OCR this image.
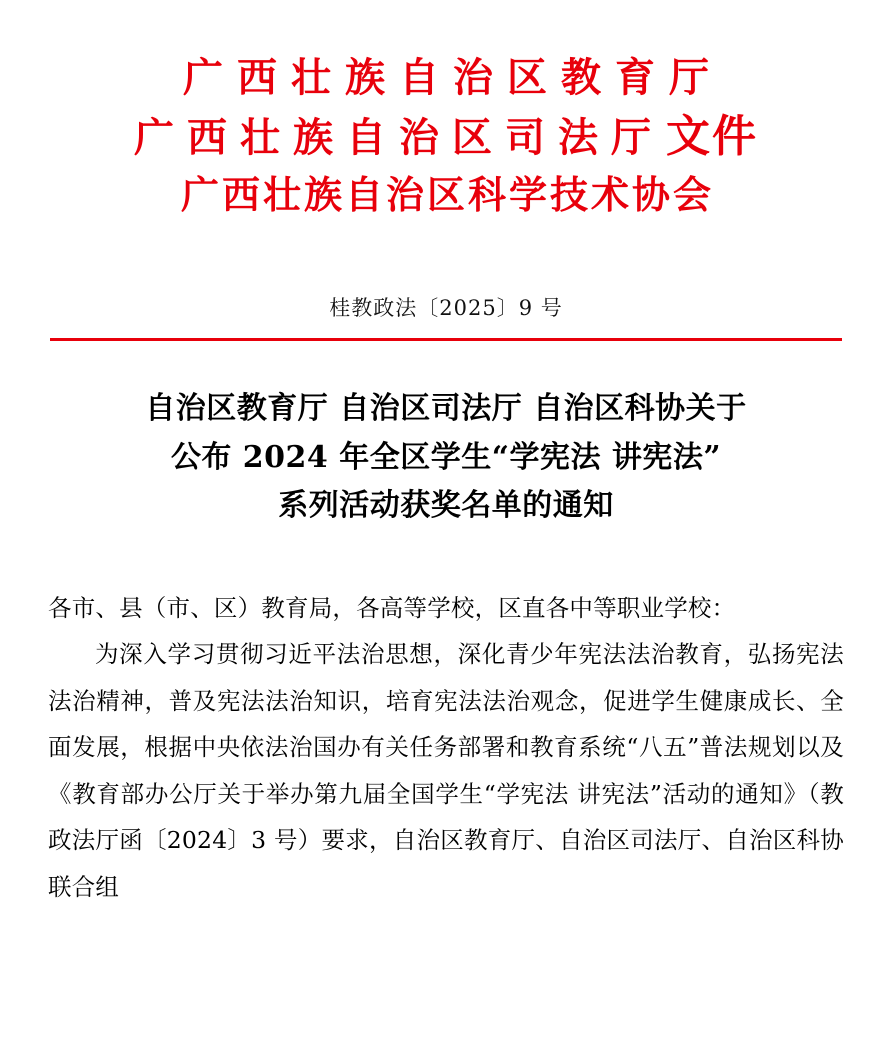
广西壮族自治区教育厅
广西壮族自治区司法厅 文件
广西壮族自治区科学技术协会
桂教政法〔2025〕9 号
自治区教育厅 自治区司法厅 自治区科协关于
公布 2024 年全区学生“学宪法 讲宪法”
系列活动获奖名单的通知

各市、县（市、区）教育局，各高等学校，区直各中等职业学校：

为深入学习贯彻习近平法治思想，深化青少年宪法法治教育，弘扬宪法法治精神，普及宪法法治知识，培育宪法法治观念，促进学生健康成长、全面发展，根据中央依法治国办有关任务部署和教育系统“八五”普法规划以及《教育部办公厅关于举办第九届全国学生“学宪法 讲宪法”活动的通知》（教政法厅函〔2024〕3 号）要求，自治区教育厅、自治区司法厅、自治区科协联合组
